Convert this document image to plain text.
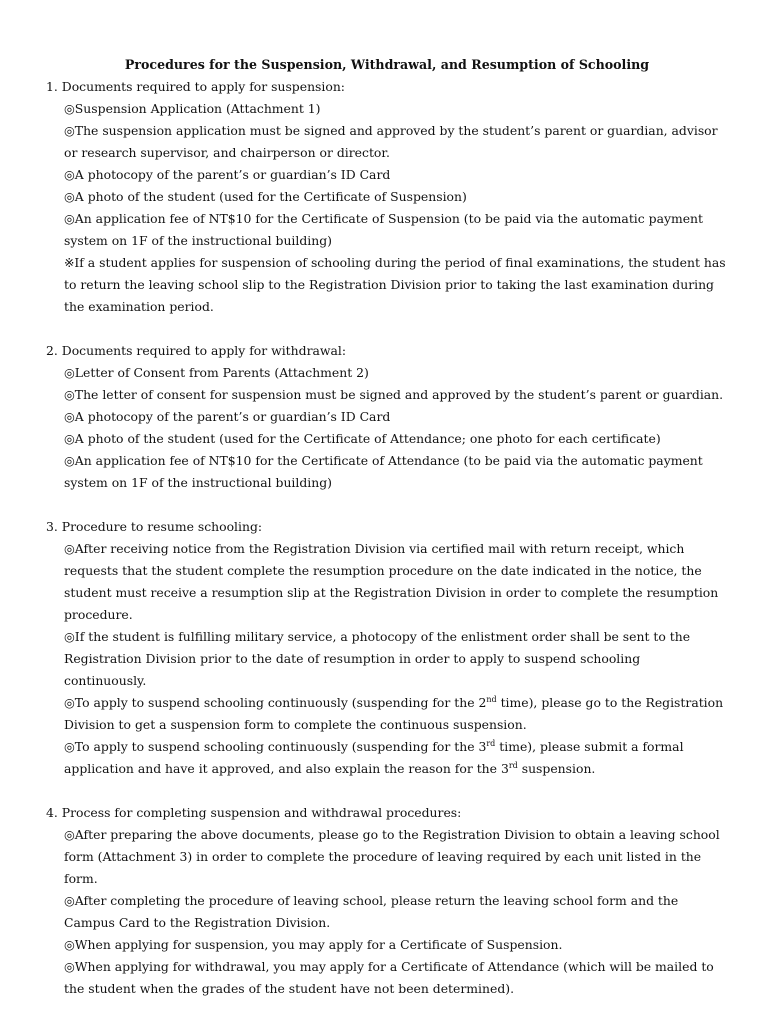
Procedures for the Suspension, Withdrawal, and Resumption of Schooling
1. Documents required to apply for suspension:
◎Suspension Application (Attachment 1)
◎The suspension application must be signed and approved by the student’s parent or guardian, advisor or research supervisor, and chairperson or director.
◎A photocopy of the parent’s or guardian’s ID Card
◎A photo of the student (used for the Certificate of Suspension)
◎An application fee of NT$10 for the Certificate of Suspension (to be paid via the automatic payment system on 1F of the instructional building)
※If a student applies for suspension of schooling during the period of final examinations, the student has to return the leaving school slip to the Registration Division prior to taking the last examination during the examination period.
2. Documents required to apply for withdrawal:
◎Letter of Consent from Parents (Attachment 2)
◎The letter of consent for suspension must be signed and approved by the student’s parent or guardian.
◎A photocopy of the parent’s or guardian’s ID Card
◎A photo of the student (used for the Certificate of Attendance; one photo for each certificate)
◎An application fee of NT$10 for the Certificate of Attendance (to be paid via the automatic payment system on 1F of the instructional building)
3. Procedure to resume schooling:
◎After receiving notice from the Registration Division via certified mail with return receipt, which requests that the student complete the resumption procedure on the date indicated in the notice, the student must receive a resumption slip at the Registration Division in order to complete the resumption procedure.
◎If the student is fulfilling military service, a photocopy of the enlistment order shall be sent to the Registration Division prior to the date of resumption in order to apply to suspend schooling continuously.
◎To apply to suspend schooling continuously (suspending for the 2nd time), please go to the Registration Division to get a suspension form to complete the continuous suspension.
◎To apply to suspend schooling continuously (suspending for the 3rd time), please submit a formal application and have it approved, and also explain the reason for the 3rd suspension.
4. Process for completing suspension and withdrawal procedures:
◎After preparing the above documents, please go to the Registration Division to obtain a leaving school form (Attachment 3) in order to complete the procedure of leaving required by each unit listed in the form.
◎After completing the procedure of leaving school, please return the leaving school form and the Campus Card to the Registration Division.
◎When applying for suspension, you may apply for a Certificate of Suspension.
◎When applying for withdrawal, you may apply for a Certificate of Attendance (which will be mailed to the student when the grades of the student have not been determined).
